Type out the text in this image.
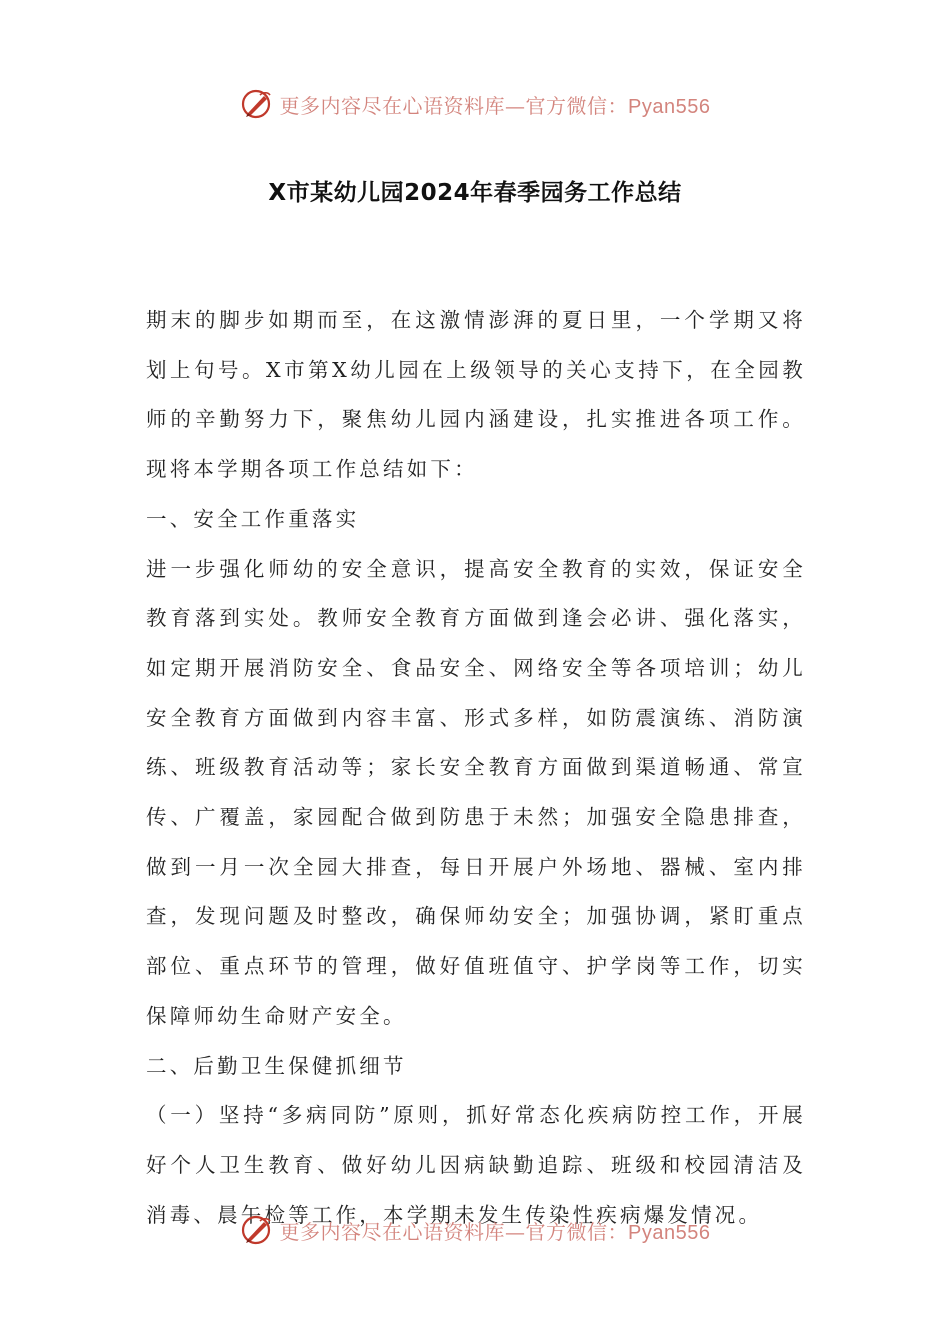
更多内容尽在心语资料库—官方微信：Pyan556
X市某幼儿园2024年春季园务工作总结

期末的脚步如期而至，在这激情澎湃的夏日里，一个学期又将划上句号。X市第X幼儿园在上级领导的关心支持下，在全园教师的辛勤努力下，聚焦幼儿园内涵建设，扎实推进各项工作。现将本学期各项工作总结如下：

一、安全工作重落实

进一步强化师幼的安全意识，提高安全教育的实效，保证安全教育落到实处。教师安全教育方面做到逢会必讲、强化落实，如定期开展消防安全、食品安全、网络安全等各项培训；幼儿安全教育方面做到内容丰富、形式多样，如防震演练、消防演练、班级教育活动等；家长安全教育方面做到渠道畅通、常宣传、广覆盖，家园配合做到防患于未然；加强安全隐患排查，做到一月一次全园大排查，每日开展户外场地、器械、室内排查，发现问题及时整改，确保师幼安全；加强协调，紧盯重点部位、重点环节的管理，做好值班值守、护学岗等工作，切实保障师幼生命财产安全。

二、后勤卫生保健抓细节

（一）坚持“多病同防”原则，抓好常态化疾病防控工作，开展好个人卫生教育、做好幼儿因病缺勤追踪、班级和校园清洁及消毒、晨午检等工作，本学期未发生传染性疾病爆发情况。

更多内容尽在心语资料库—官方微信：Pyan556
